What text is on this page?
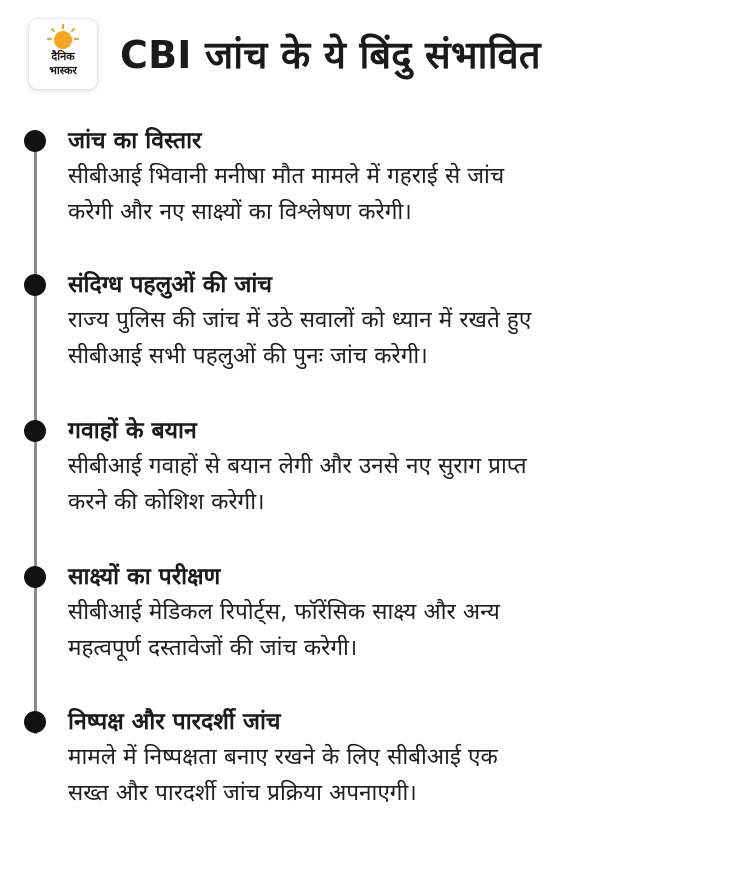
दैनिक
भास्कर	CBI जांच के ये बिंदु संभावित
जांच का विस्तार
सीबीआई भिवानी मनीषा मौत मामले में गहराई से जांच
करेगी और नए साक्ष्यों का विश्लेषण करेगी।
संदिग्ध पहलुओं की जांच
राज्य पुलिस की जांच में उठे सवालों को ध्यान में रखते हुए
सीबीआई सभी पहलुओं की पुनः जांच करेगी।
गवाहों के बयान
सीबीआई गवाहों से बयान लेगी और उनसे नए सुराग प्राप्त
करने की कोशिश करेगी।
साक्ष्यों का परीक्षण
सीबीआई मेडिकल रिपोर्ट्स, फॉरेंसिक साक्ष्य और अन्य
महत्वपूर्ण दस्तावेजों की जांच करेगी।
निष्पक्ष और पारदर्शी जांच
मामले में निष्पक्षता बनाए रखने के लिए सीबीआई एक
सख्त और पारदर्शी जांच प्रक्रिया अपनाएगी।
